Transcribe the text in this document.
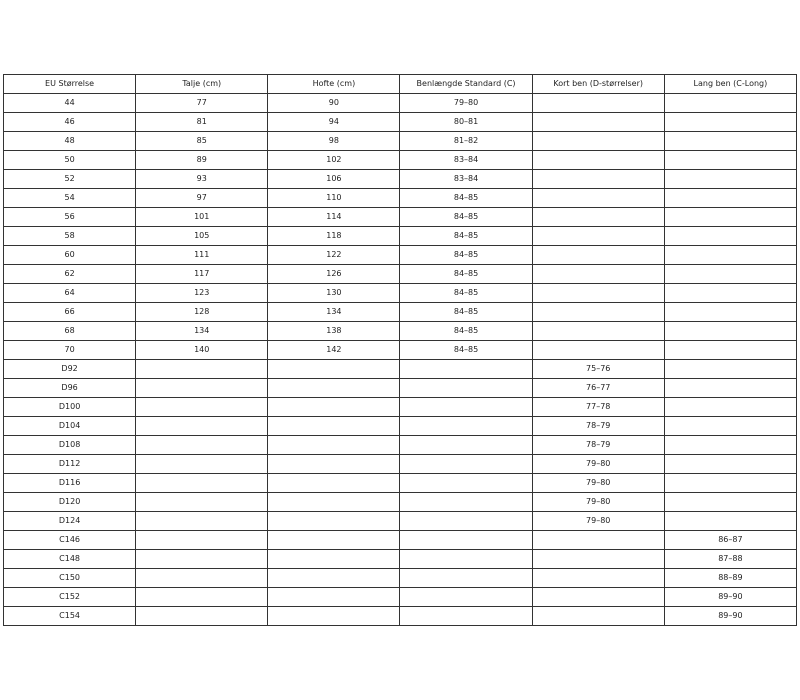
EU Størrelse	Talje (cm)	Hofte (cm)	Benlængde Standard (C)	Kort ben (D-størrelser)	Lang ben (C-Long)
44	77	90	79–80		
46	81	94	80–81		
48	85	98	81–82		
50	89	102	83–84		
52	93	106	83–84		
54	97	110	84–85		
56	101	114	84–85		
58	105	118	84–85		
60	111	122	84–85		
62	117	126	84–85		
64	123	130	84–85		
66	128	134	84–85		
68	134	138	84–85		
70	140	142	84–85		
D92				75–76	
D96				76–77	
D100				77–78	
D104				78–79	
D108				78–79	
D112				79–80	
D116				79–80	
D120				79–80	
D124				79–80	
C146					86–87
C148					87–88
C150					88–89
C152					89–90
C154					89–90
